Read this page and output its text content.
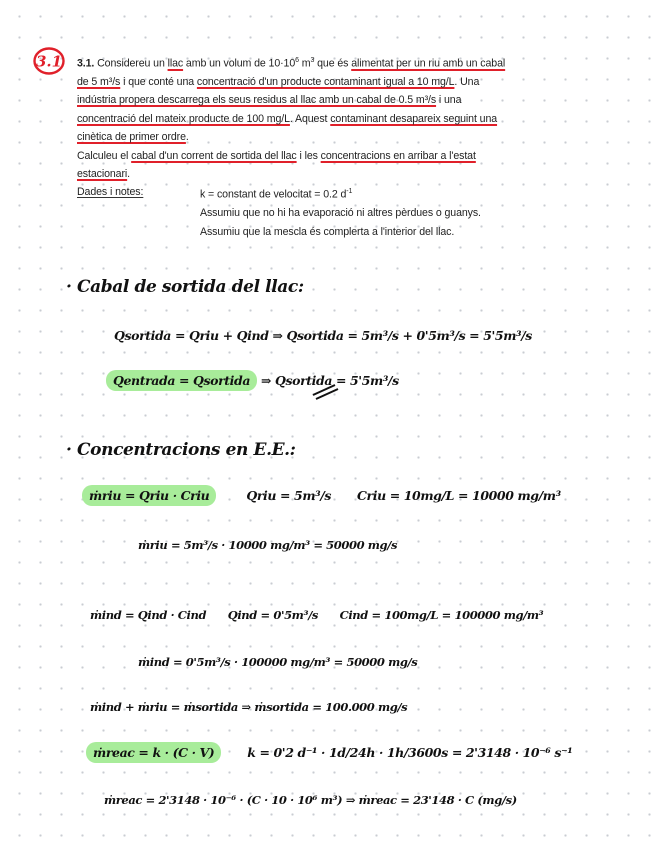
3.1 3.1. Considereu un llac amb un volum de $10\cdot 10^6$ $m^3$ que és alimentat per un riu amb un cabal
de 5 m³/s i que conté una concentració d'un producte contaminant igual a 10 mg/L. Una
indústria propera descarrega els seus residus al llac amb un cabal de 0.5 m³/s i una
concentració del mateix producte de 100 mg/L. Aquest contaminant desapareix seguint una
cinètica de primer ordre.
Calculeu el cabal d'un corrent de sortida del llac i les concentracions en arribar a l'estat
estacionari.
Dades i notes:	k = constant de velocitat = 0.2 $d^{-1}$
Assumiu que no hi ha evaporació ni altres pèrdues o guanys.
Assumiu que la mescla és complerta a l'interior del llac.
· Cabal de sortida del llac:
Qsortida = Qriu + Qind ⇒ Qsortida = 5m³/s + 0'5m³/s = 5'5m³/s
Qentrada = Qsortida ⇒ Qsortida = 5'5m³/s
· Concentracions en E.E.:
ṁriu = Qriu · Criu	Qriu = 5m³/s Criu = 10mg/L = 10000 mg/m³
ṁriu = 5m³/s · 10000 mg/m³ = 50000 mg/s
ṁind = Qind · Cind Qind = 0'5m³/s Cind = 100mg/L = 100000 mg/m³
ṁind = 0'5m³/s · 100000 mg/m³ = 50000 mg/s
ṁind + ṁriu = ṁsortida ⇒ ṁsortida = 100.000 mg/s
ṁreac = k · (C · V)	k = 0'2 d⁻¹ · 1d/24h · 1h/3600s = 2'3148 · 10⁻⁶ s⁻¹
ṁreac = 2'3148 · 10⁻⁶ · (C · 10 · 10⁶ m³) ⇒ ṁreac = 23'148 · C (mg/s)
